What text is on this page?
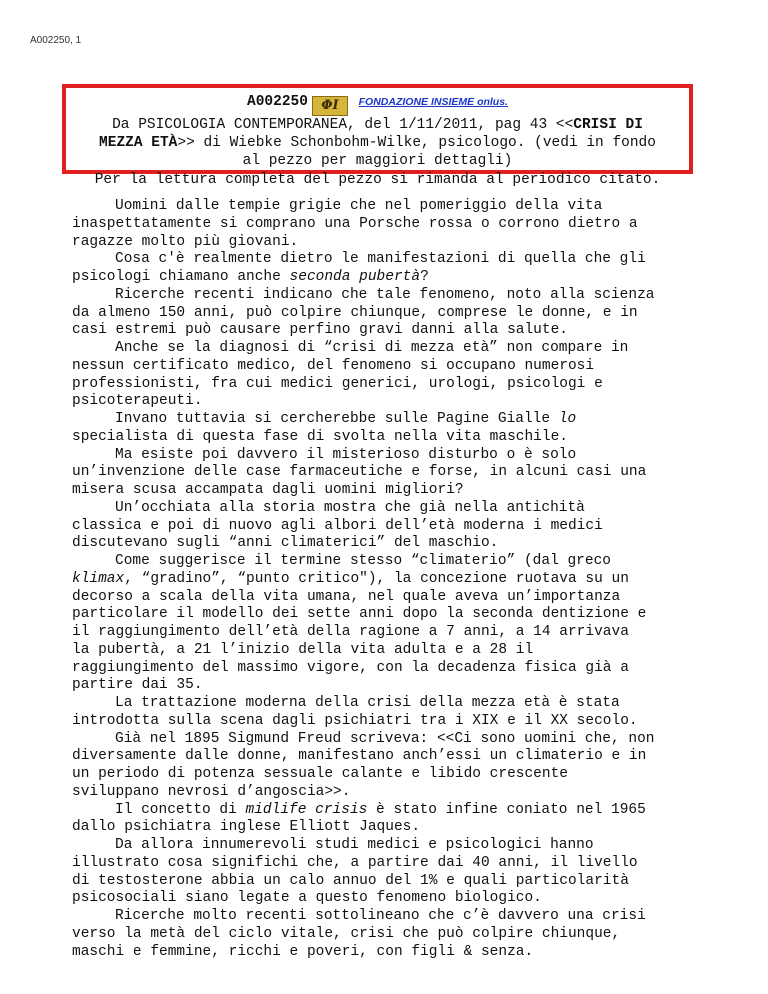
A002250, 1
A002250 ΦΙ FONDAZIONE INSIEME onlus.
Da PSICOLOGIA CONTEMPORANEA, del 1/11/2011, pag 43 <<CRISI DI
MEZZA ETÀ>> di Wiebke Schonbohm-Wilke, psicologo. (vedi in fondo
al pezzo per maggiori dettagli)
Per la lettura completa del pezzo si rimanda al periodico citato.

Uomini dalle tempie grigie che nel pomeriggio della vita
inaspettatamente si comprano una Porsche rossa o corrono dietro a
ragazze molto più giovani.

Cosa c'è realmente dietro le manifestazioni di quella che gli
psicologi chiamano anche seconda pubertà?

Ricerche recenti indicano che tale fenomeno, noto alla scienza
da almeno 150 anni, può colpire chiunque, comprese le donne, e in
casi estremi può causare perfino gravi danni alla salute.

Anche se la diagnosi di “crisi di mezza età” non compare in
nessun certificato medico, del fenomeno si occupano numerosi
professionisti, fra cui medici generici, urologi, psicologi e
psicoterapeuti.

Invano tuttavia si cercherebbe sulle Pagine Gialle lo
specialista di questa fase di svolta nella vita maschile.

Ma esiste poi davvero il misterioso disturbo o è solo
un’invenzione delle case farmaceutiche e forse, in alcuni casi una
misera scusa accampata dagli uomini migliori?

Un’occhiata alla storia mostra che già nella antichità
classica e poi di nuovo agli albori dell’età moderna i medici
discutevano sugli “anni climaterici” del maschio.

Come suggerisce il termine stesso “climaterio” (dal greco
klimax, “gradino”, “punto critico"), la concezione ruotava su un
decorso a scala della vita umana, nel quale aveva un’importanza
particolare il modello dei sette anni dopo la seconda dentizione e
il raggiungimento dell’età della ragione a 7 anni, a 14 arrivava
la pubertà, a 21 l’inizio della vita adulta e a 28 il
raggiungimento del massimo vigore, con la decadenza fisica già a
partire dai 35.

La trattazione moderna della crisi della mezza età è stata
introdotta sulla scena dagli psichiatri tra i XIX e il XX secolo.

Già nel 1895 Sigmund Freud scriveva: <<Ci sono uomini che, non
diversamente dalle donne, manifestano anch’essi un climaterio e in
un periodo di potenza sessuale calante e libido crescente
sviluppano nevrosi d’angoscia>>.

Il concetto di midlife crisis è stato infine coniato nel 1965
dallo psichiatra inglese Elliott Jaques.

Da allora innumerevoli studi medici e psicologici hanno
illustrato cosa significhi che, a partire dai 40 anni, il livello
di testosterone abbia un calo annuo del 1% e quali particolarità
psicosociali siano legate a questo fenomeno biologico.

Ricerche molto recenti sottolineano che c’è davvero una crisi
verso la metà del ciclo vitale, crisi che può colpire chiunque,
maschi e femmine, ricchi e poveri, con figli & senza.
